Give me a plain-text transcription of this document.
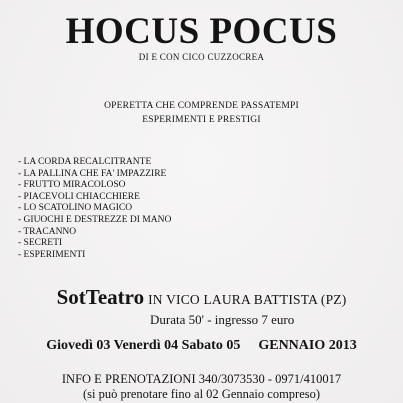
HOCUS POCUS
DI E CON CICO CUZZOCREA
OPERETTA CHE COMPRENDE PASSATEMPI
ESPERIMENTI E PRESTIGI
- LA CORDA RECALCITRANTE
- LA PALLINA CHE FA' IMPAZZIRE
- FRUTTO MIRACOLOSO
- PIACEVOLI CHIACCHIERE
- LO SCATOLINO MAGICO
- GIUOCHI E DESTREZZE DI MANO
- TRACANNO
- SECRETI
- ESPERIMENTI
SotTeatro IN VICO LAURA BATTISTA (PZ)
Durata 50' - ingresso 7 euro
Giovedì 03 Venerdì 04 Sabato 05 GENNAIO 2013
INFO E PRENOTAZIONI 340/3073530 - 0971/410017
(si può prenotare fino al 02 Gennaio compreso)
